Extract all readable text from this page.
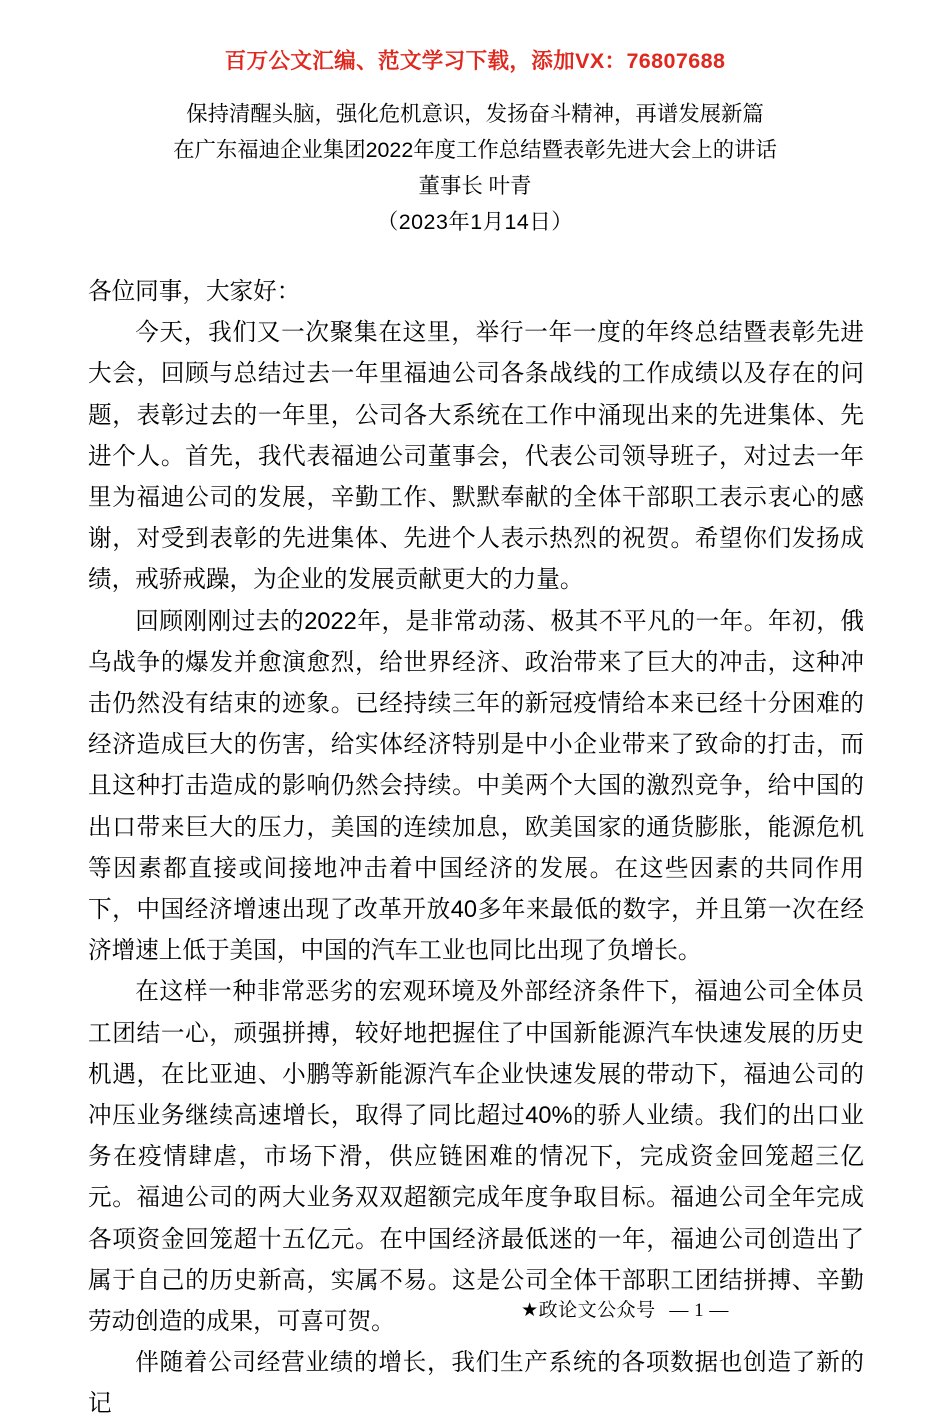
百万公文汇编、范文学习下载，添加VX：76807688
保持清醒头脑，强化危机意识，发扬奋斗精神，再谱发展新篇
在广东福迪企业集团2022年度工作总结暨表彰先进大会上的讲话
董事长 叶青
（2023年1月14日）

各位同事，大家好：

今天，我们又一次聚集在这里，举行一年一度的年终总结暨表彰先进大会，回顾与总结过去一年里福迪公司各条战线的工作成绩以及存在的问题，表彰过去的一年里，公司各大系统在工作中涌现出来的先进集体、先进个人。首先，我代表福迪公司董事会，代表公司领导班子，对过去一年里为福迪公司的发展，辛勤工作、默默奉献的全体干部职工表示衷心的感谢，对受到表彰的先进集体、先进个人表示热烈的祝贺。希望你们发扬成绩，戒骄戒躁，为企业的发展贡献更大的力量。

回顾刚刚过去的2022年，是非常动荡、极其不平凡的一年。年初，俄乌战争的爆发并愈演愈烈，给世界经济、政治带来了巨大的冲击，这种冲击仍然没有结束的迹象。已经持续三年的新冠疫情给本来已经十分困难的经济造成巨大的伤害，给实体经济特别是中小企业带来了致命的打击，而且这种打击造成的影响仍然会持续。中美两个大国的激烈竞争，给中国的出口带来巨大的压力，美国的连续加息，欧美国家的通货膨胀，能源危机等因素都直接或间接地冲击着中国经济的发展。在这些因素的共同作用下，中国经济增速出现了改革开放40多年来最低的数字，并且第一次在经济增速上低于美国，中国的汽车工业也同比出现了负增长。

在这样一种非常恶劣的宏观环境及外部经济条件下，福迪公司全体员工团结一心，顽强拼搏，较好地把握住了中国新能源汽车快速发展的历史机遇，在比亚迪、小鹏等新能源汽车企业快速发展的带动下，福迪公司的冲压业务继续高速增长，取得了同比超过40%的骄人业绩。我们的出口业务在疫情肆虐，市场下滑，供应链困难的情况下，完成资金回笼超三亿元。福迪公司的两大业务双双超额完成年度争取目标。福迪公司全年完成各项资金回笼超十五亿元。在中国经济最低迷的一年，福迪公司创造出了属于自己的历史新高，实属不易。这是公司全体干部职工团结拼搏、辛勤劳动创造的成果，可喜可贺。

伴随着公司经营业绩的增长，我们生产系统的各项数据也创造了新的记

★政论文公众号 — 1 —
